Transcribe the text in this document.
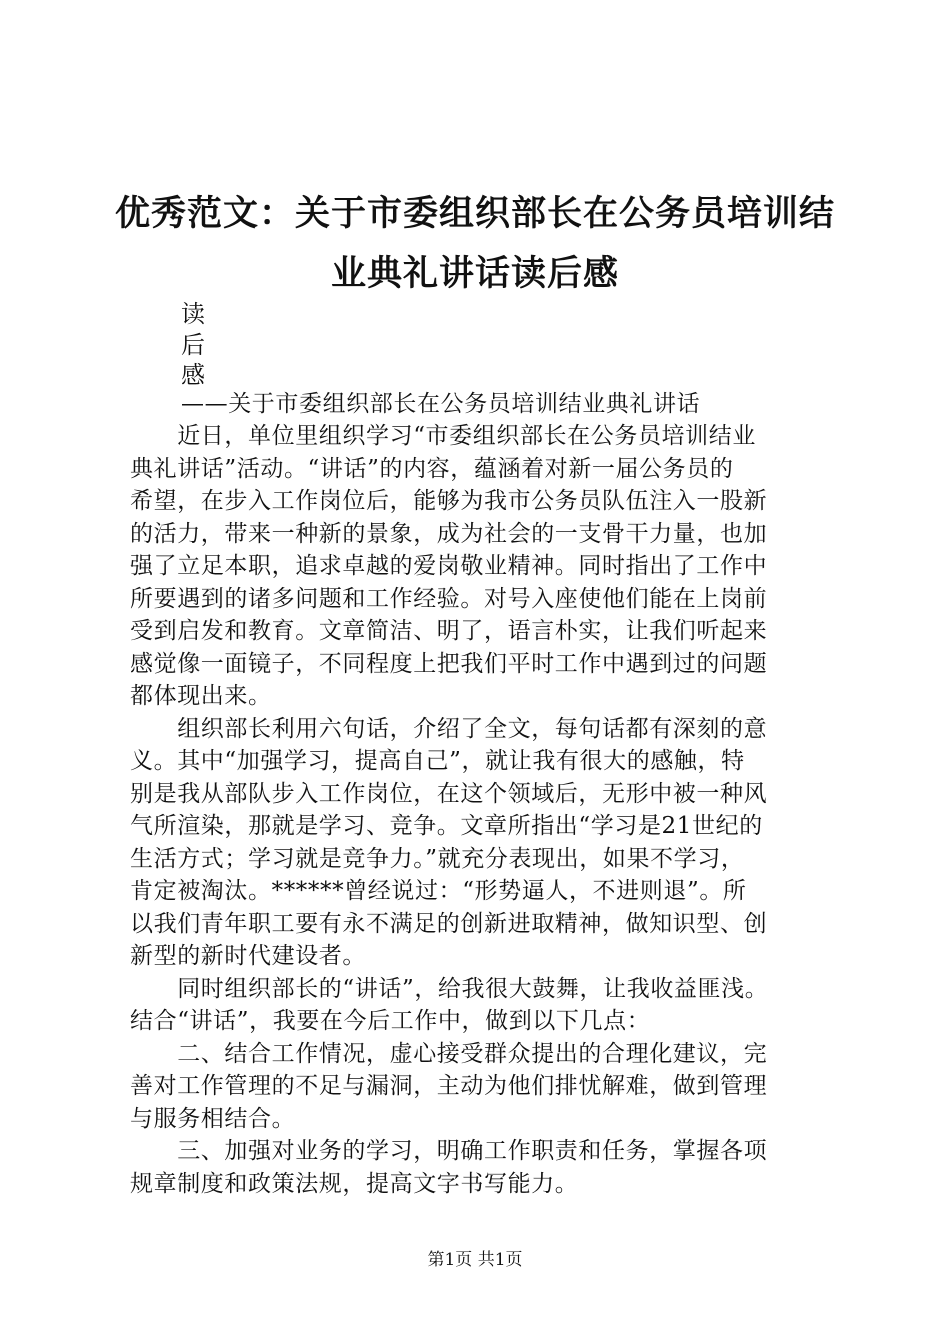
优秀范文：关于市委组织部长在公务员培训结
业典礼讲话读后感
读
后
感
——关于市委组织部长在公务员培训结业典礼讲话
　　近日，单位里组织学习“市委组织部长在公务员培训结业
典礼讲话”活动。“讲话”的内容，蕴涵着对新一届公务员的
希望，在步入工作岗位后，能够为我市公务员队伍注入一股新
的活力，带来一种新的景象，成为社会的一支骨干力量，也加
强了立足本职，追求卓越的爱岗敬业精神。同时指出了工作中
所要遇到的诸多问题和工作经验。对号入座使他们能在上岗前
受到启发和教育。文章简洁、明了，语言朴实，让我们听起来
感觉像一面镜子，不同程度上把我们平时工作中遇到过的问题
都体现出来。
　　组织部长利用六句话，介绍了全文，每句话都有深刻的意
义。其中“加强学习，提高自己”，就让我有很大的感触，特
别是我从部队步入工作岗位，在这个领域后，无形中被一种风
气所渲染，那就是学习、竞争。文章所指出“学习是21世纪的
生活方式；学习就是竞争力。”就充分表现出，如果不学习，
肯定被淘汰。******曾经说过：“形势逼人，不进则退”。所
以我们青年职工要有永不满足的创新进取精神，做知识型、创
新型的新时代建设者。
　　同时组织部长的“讲话”，给我很大鼓舞，让我收益匪浅。
结合“讲话”，我要在今后工作中，做到以下几点：
　　二、结合工作情况，虚心接受群众提出的合理化建议，完
善对工作管理的不足与漏洞，主动为他们排忧解难，做到管理
与服务相结合。
　　三、加强对业务的学习，明确工作职责和任务，掌握各项
规章制度和政策法规，提高文字书写能力。
第1页 共1页
